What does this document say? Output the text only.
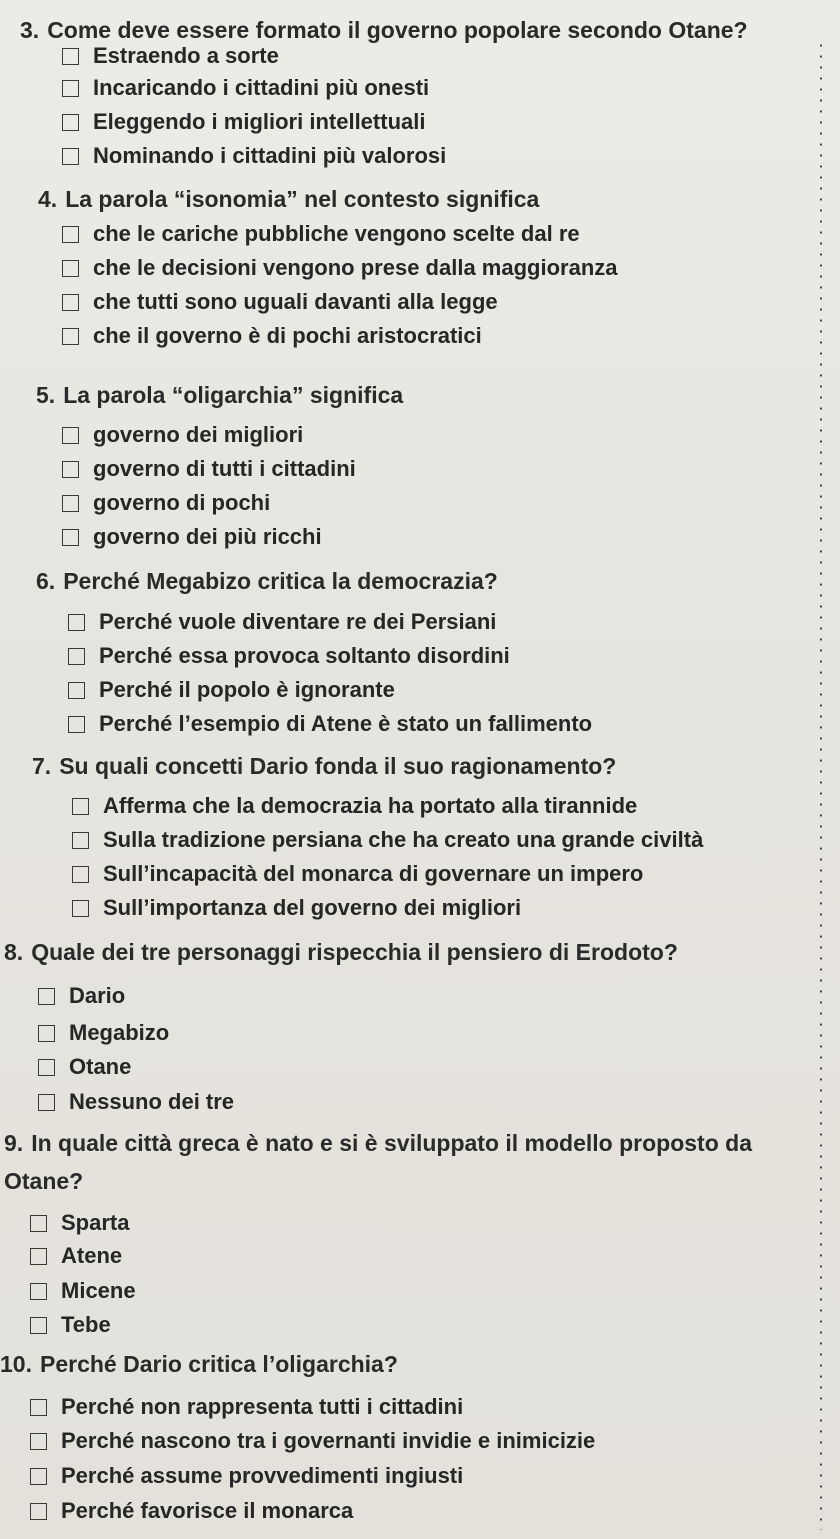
3. Come deve essere formato il governo popolare secondo Otane?
Estraendo a sorte
Incaricando i cittadini più onesti
Eleggendo i migliori intellettuali
Nominando i cittadini più valorosi
4. La parola “isonomia” nel contesto significa
che le cariche pubbliche vengono scelte dal re
che le decisioni vengono prese dalla maggioranza
che tutti sono uguali davanti alla legge
che il governo è di pochi aristocratici
5. La parola “oligarchia” significa
governo dei migliori
governo di tutti i cittadini
governo di pochi
governo dei più ricchi
6. Perché Megabizo critica la democrazia?
Perché vuole diventare re dei Persiani
Perché essa provoca soltanto disordini
Perché il popolo è ignorante
Perché l’esempio di Atene è stato un fallimento
7. Su quali concetti Dario fonda il suo ragionamento?
Afferma che la democrazia ha portato alla tirannide
Sulla tradizione persiana che ha creato una grande civiltà
Sull’incapacità del monarca di governare un impero
Sull’importanza del governo dei migliori
8. Quale dei tre personaggi rispecchia il pensiero di Erodoto?
Dario
Megabizo
Otane
Nessuno dei tre
9. In quale città greca è nato e si è sviluppato il modello proposto da Otane?
Sparta
Atene
Micene
Tebe
10. Perché Dario critica l’oligarchia?
Perché non rappresenta tutti i cittadini
Perché nascono tra i governanti invidie e inimicizie
Perché assume provvedimenti ingiusti
Perché favorisce il monarca
